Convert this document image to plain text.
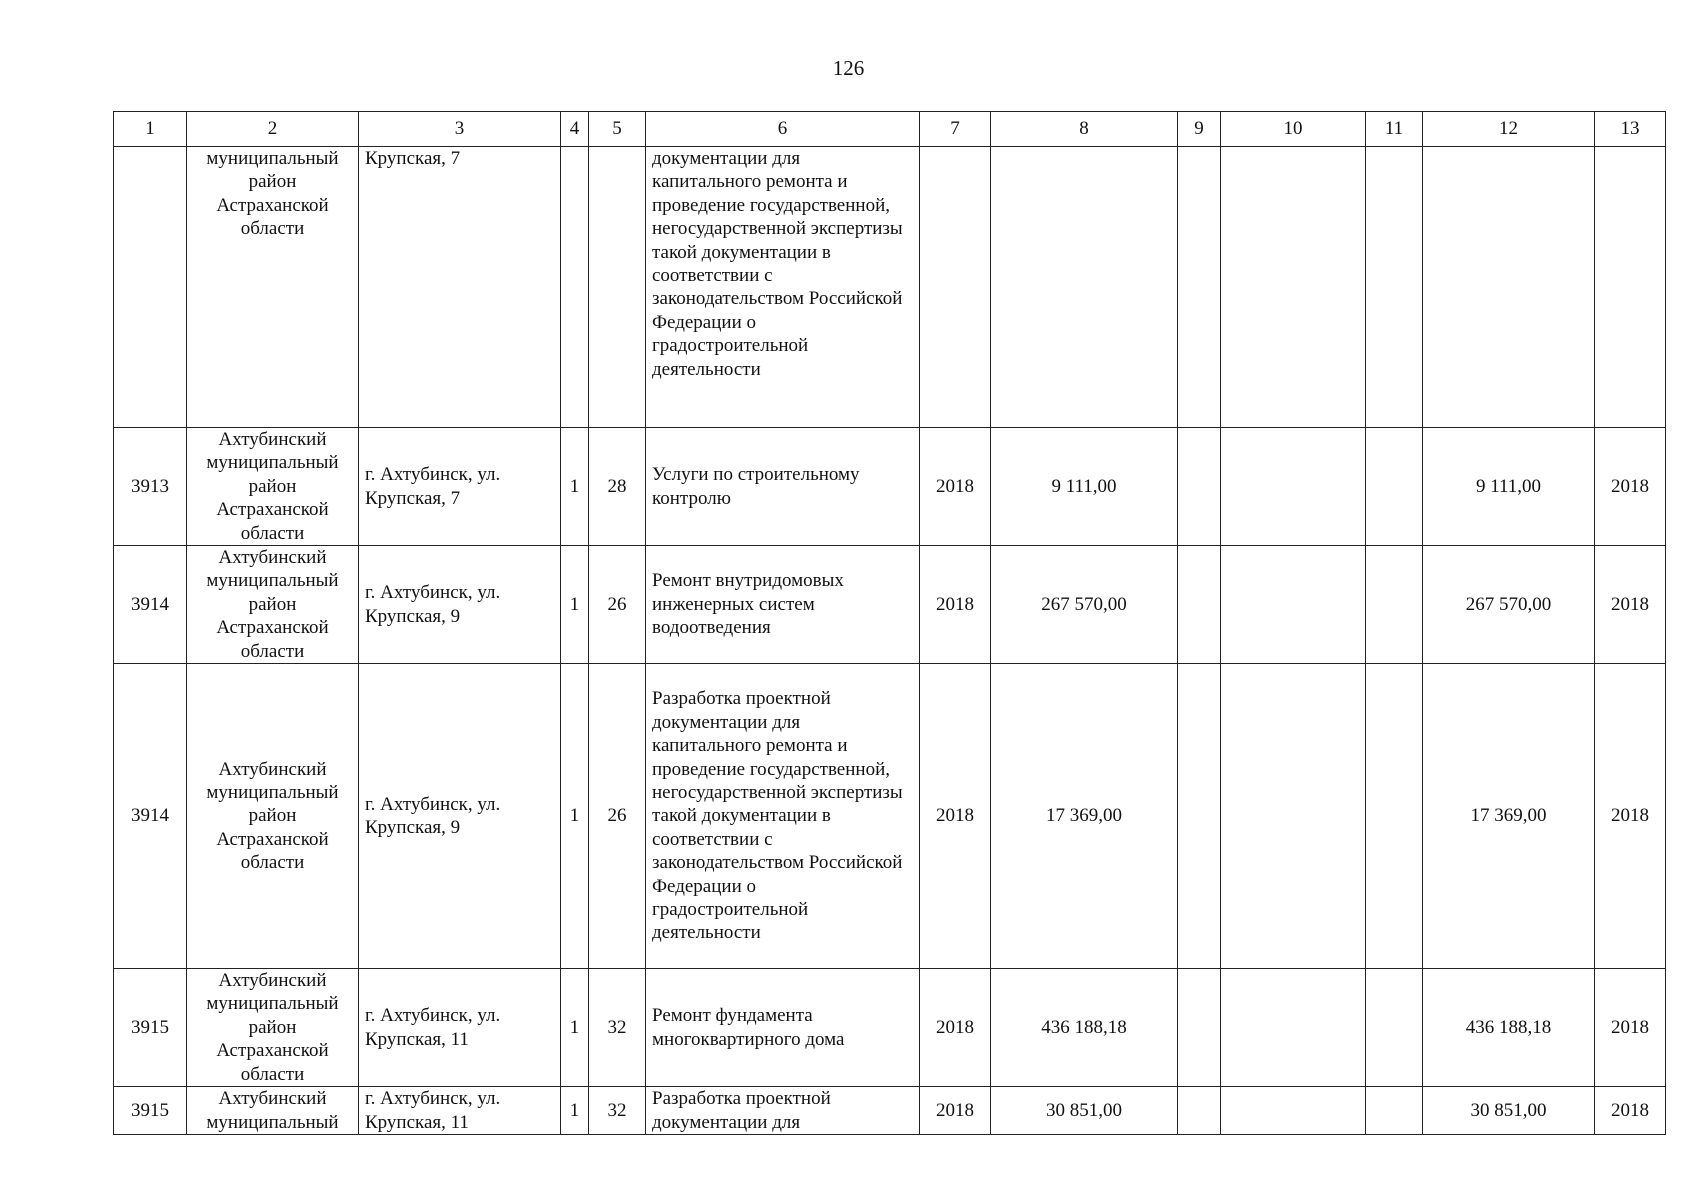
126
1	2	3	4	5	6	7	8	9	10	11	12	13
	муниципальный район Астраханской области	Крупская, 7			документации для капитального ремонта и проведение государственной, негосударственной экспертизы такой документации в соответствии с законодательством Российской Федерации о градостроительной деятельности							
3913	Ахтубинский муниципальный район Астраханской области	г. Ахтубинск, ул. Крупская, 7	1	28	Услуги по строительному контролю	2018	9 111,00				9 111,00	2018
3914	Ахтубинский муниципальный район Астраханской области	г. Ахтубинск, ул. Крупская, 9	1	26	Ремонт внутридомовых инженерных систем водоотведения	2018	267 570,00				267 570,00	2018
3914	Ахтубинский муниципальный район Астраханской области	г. Ахтубинск, ул. Крупская, 9	1	26	Разработка проектной документации для капитального ремонта и проведение государственной, негосударственной экспертизы такой документации в соответствии с законодательством Российской Федерации о градостроительной деятельности	2018	17 369,00				17 369,00	2018
3915	Ахтубинский муниципальный район Астраханской области	г. Ахтубинск, ул. Крупская, 11	1	32	Ремонт фундамента многоквартирного дома	2018	436 188,18				436 188,18	2018
3915	Ахтубинский муниципальный	г. Ахтубинск, ул. Крупская, 11	1	32	Разработка проектной документации для	2018	30 851,00				30 851,00	2018
